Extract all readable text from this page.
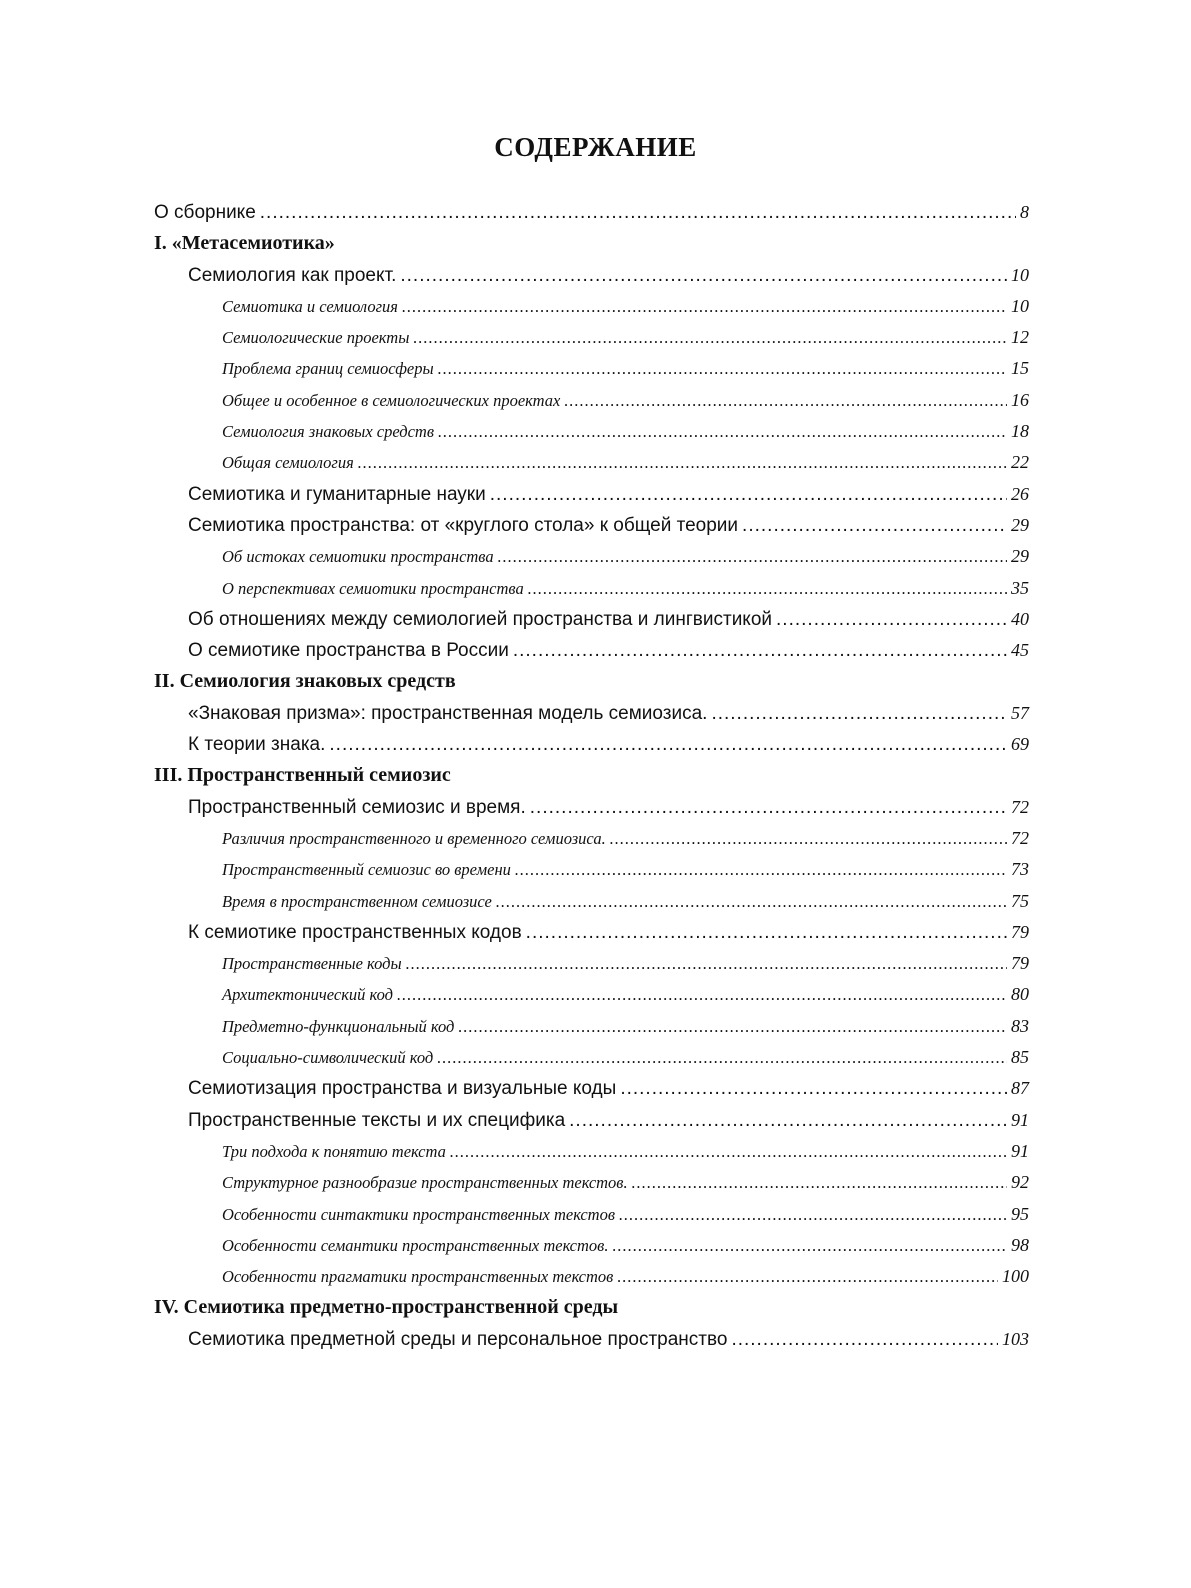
СОДЕРЖАНИЕ
О сборнике .....	8
I. «Метасемиотика»
Семиология как проект. .....	10
Семиотика и семиология .....	10
Семиологические проекты .....	12
Проблема границ семиосферы .....	15
Общее и особенное в семиологических проектах .....	16
Семиология знаковых средств .....	18
Общая семиология .....	22
Семиотика и гуманитарные науки .....	26
Семиотика пространства: от «круглого стола» к общей теории .....	29
Об истоках семиотики пространства .....	29
О перспективах семиотики пространства .....	35
Об отношениях между семиологией пространства и лингвистикой .....	40
О семиотике пространства в России .....	45
II. Семиология знаковых средств
«Знаковая призма»: пространственная модель семиозиса. .....	57
К теории знака. .....	69
III. Пространственный семиозис
Пространственный семиозис и время. .....	72
Различия пространственного и временного семиозиса. .....	72
Пространственный семиозис во времени .....	73
Время в пространственном семиозисе .....	75
К семиотике пространственных кодов .....	79
Пространственные коды .....	79
Архитектонический код .....	80
Предметно-функциональный код .....	83
Социально-символический код .....	85
Семиотизация пространства и визуальные коды .....	87
Пространственные тексты и их специфика .....	91
Три подхода к понятию текста .....	91
Структурное разнообразие пространственных текстов. .....	92
Особенности синтактики пространственных текстов .....	95
Особенности семантики пространственных текстов. .....	98
Особенности прагматики пространственных текстов .....	100
IV. Семиотика предметно-пространственной среды
Семиотика предметной среды и персональное пространство .....	103
